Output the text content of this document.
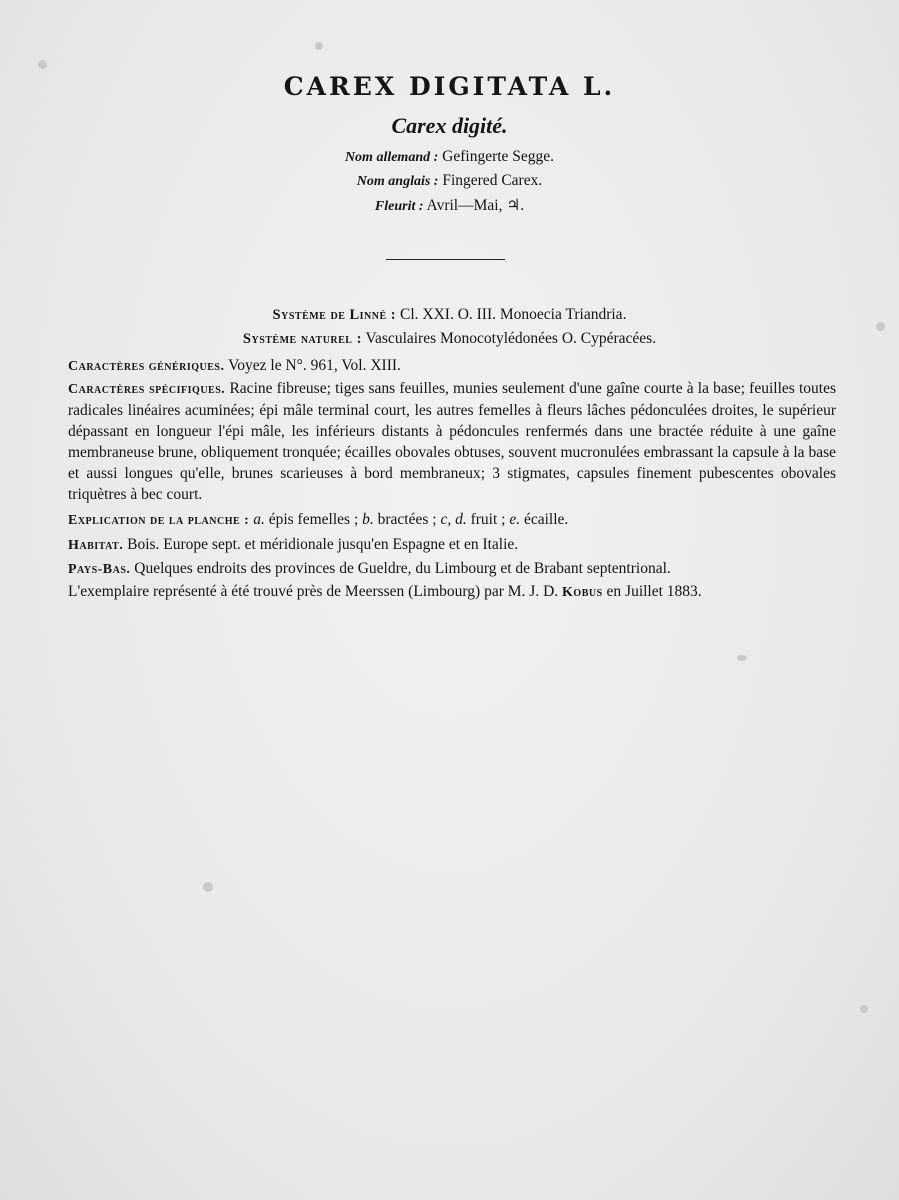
CAREX DIGITATA L.
Carex digité.
Nom allemand : Gefingerte Segge.
Nom anglais : Fingered Carex.
Fleurit : Avril—Mai, ♃.
Système de Linné : Cl. XXI. O. III. Monoecia Triandria.
Système naturel : Vasculaires Monocotylédonées O. Cypéracées.
Caractères génériques. Voyez le N°. 961, Vol. XIII.
Caractères spécifiques. Racine fibreuse; tiges sans feuilles, munies seulement d'une gaîne courte à la base; feuilles toutes radicales linéaires acuminées; épi mâle terminal court, les autres femelles à fleurs lâches pédonculées droites, le supérieur dépassant en longueur l'épi mâle, les inférieurs distants à pédoncules renfermés dans une bractée réduite à une gaîne membraneuse brune, obliquement tronquée; écailles obovales obtuses, souvent mucronulées embrassant la capsule à la base et aussi longues qu'elle, brunes scarieuses à bord membraneux; 3 stigmates, capsules finement pubescentes obovales triquètres à bec court.
Explication de la planche : a. épis femelles ; b. bractées ; c, d. fruit ; e. écaille.
Habitat. Bois. Europe sept. et méridionale jusqu'en Espagne et en Italie.
Pays-Bas. Quelques endroits des provinces de Gueldre, du Limbourg et de Brabant septentrional.
L'exemplaire représenté à été trouvé près de Meerssen (Limbourg) par M. J. D. Kobus en Juillet 1883.
